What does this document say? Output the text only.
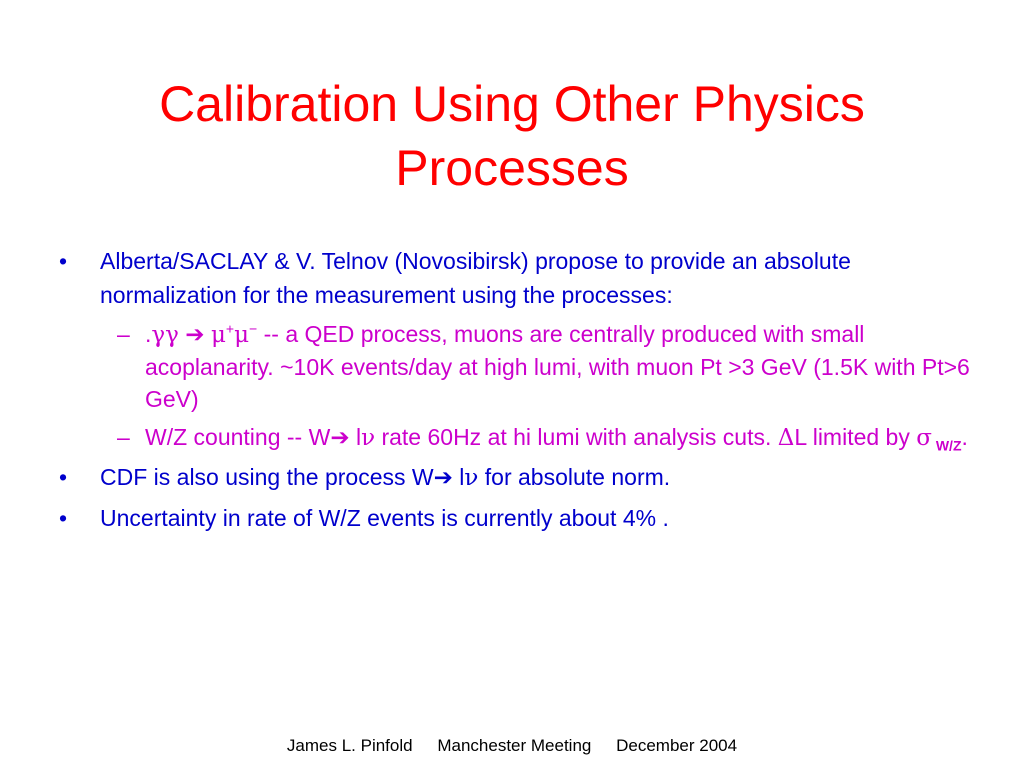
Calibration Using Other Physics Processes
• Alberta/SACLAY & V. Telnov (Novosibirsk) propose to provide an absolute normalization for the measurement using the processes:
– .γγ ➔ μ+μ− -- a QED process, muons are centrally produced with small acoplanarity. ~10K events/day at high lumi, with muon Pt >3 GeV (1.5K with Pt>6 GeV)
– W/Z counting -- W➔ lν rate 60Hz at hi lumi with analysis cuts. ΔL limited by σ $_{W/Z}$.
• CDF is also using the process W➔ lν for absolute norm.
• Uncertainty in rate of W/Z events is currently about 4% .
James L. Pinfold Manchester Meeting December 2004
